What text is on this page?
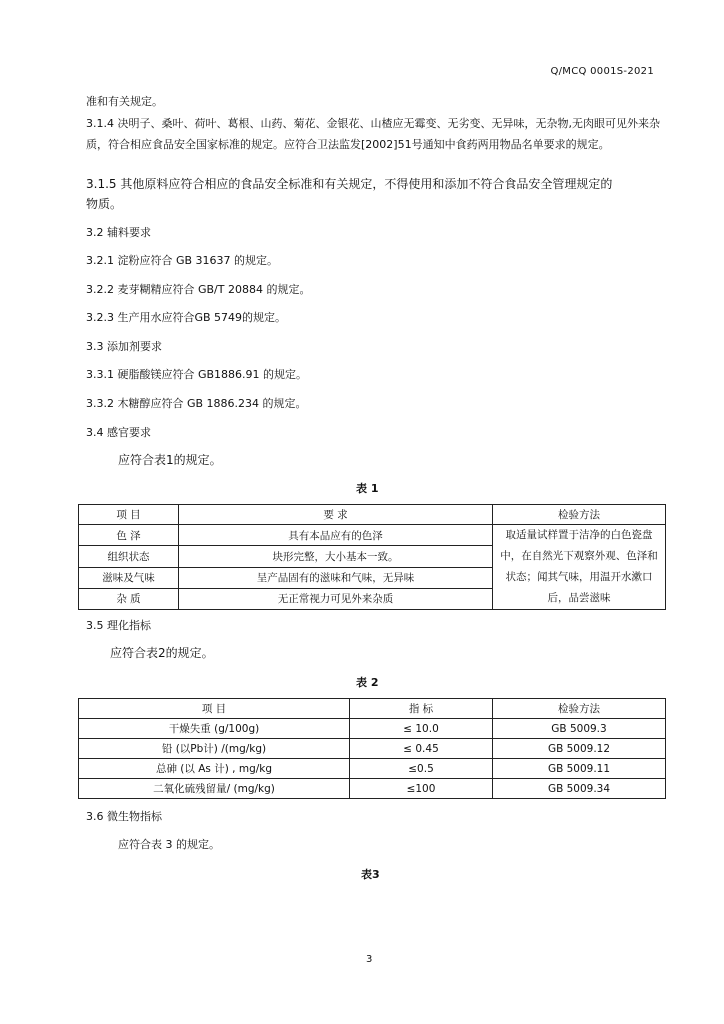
Q/MCQ 0001S-2021
准和有关规定。
3.1.4 决明子、桑叶、荷叶、葛根、山药、菊花、金银花、山楂应无霉变、无劣变、无异味，无杂物,无肉眼可见外来杂质，符合相应食品安全国家标准的规定。应符合卫法监发[2002]51号通知中食药两用物品名单要求的规定。
3.1.5 其他原料应符合相应的食品安全标准和有关规定，不得使用和添加不符合食品安全管理规定的
物质。
3.2 辅料要求
3.2.1 淀粉应符合 GB 31637 的规定。
3.2.2 麦芽糊精应符合 GB/T 20884 的规定。
3.2.3 生产用水应符合GB 5749的规定。
3.3 添加剂要求
3.3.1 硬脂酸镁应符合 GB1886.91 的规定。
3.3.2 木糖醇应符合 GB 1886.234 的规定。
3.4 感官要求
应符合表1的规定。
表 1
项 目	要 求	检验方法
色 泽	具有本品应有的色泽	取适量试样置于洁净的白色瓷盘
中，在自然光下观察外观、色泽和
状态；闻其气味，用温开水漱口
后，品尝滋味

组织状态	块形完整，大小基本一致。	
滋味及气味	呈产品固有的滋味和气味，无异味	
杂 质	无正常视力可见外来杂质	
3.5 理化指标
应符合表2的规定。
表 2
项 目	指 标	检验方法
干燥失重 (g/100g)	≤ 10.0	GB 5009.3
铅 (以Pb计) /(mg/kg)	≤ 0.45	GB 5009.12
总砷 (以 As 计) , mg/kg	≤0.5	GB 5009.11
二氧化硫残留量/ (mg/kg)	≤100	GB 5009.34
3.6 微生物指标
应符合表 3 的规定。
表3
3
